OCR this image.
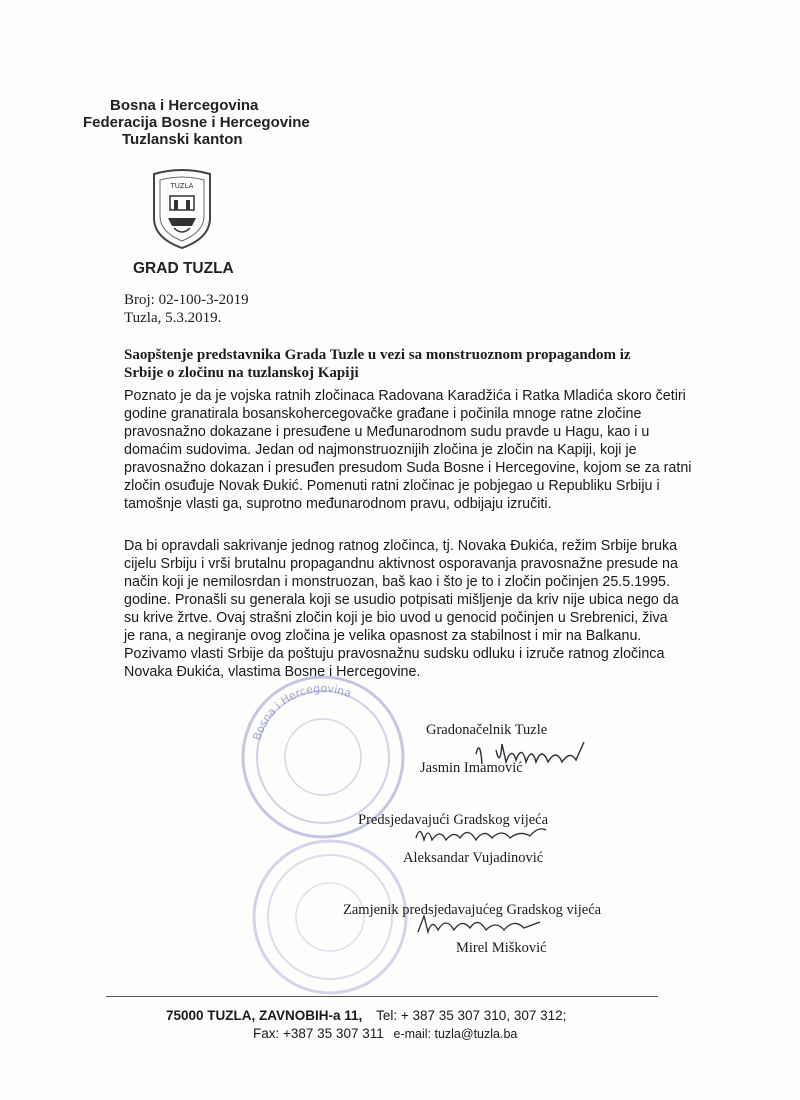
Bosna i Hercegovina
Federacija Bosne i Hercegovine
Tuzlanski kanton
TUZLA
GRAD TUZLA
Broj: 02-100-3-2019
Tuzla, 5.3.2019.
Saopštenje predstavnika Grada Tuzle u vezi sa monstruoznom propagandom iz
Srbije o zločinu na tuzlanskoj Kapiji
Poznato je da je vojska ratnih zločinaca Radovana Karadžića i Ratka Mladića skoro četiri
godine granatirala bosanskohercegovačke građane i počinila mnoge ratne zločine
pravosnažno dokazane i presuđene u Međunarodnom sudu pravde u Hagu, kao i u
domaćim sudovima. Jedan od najmonstruoznijih zločina je zločin na Kapiji, koji je
pravosnažno dokazan i presuđen presudom Suda Bosne i Hercegovine, kojom se za ratni
zločin osuđuje Novak Đukić. Pomenuti ratni zločinac je pobjegao u Republiku Srbiju i
tamošnje vlasti ga, suprotno međunarodnom pravu, odbijaju izručiti.
Da bi opravdali sakrivanje jednog ratnog zločinca, tj. Novaka Đukića, režim Srbije bruka
cijelu Srbiju i vrši brutalnu propagandnu aktivnost osporavanja pravosnažne presude na
način koji je nemilosrdan i monstruozan, baš kao i što je to i zločin počinjen 25.5.1995.
godine. Pronašli su generala koji se usudio potpisati mišljenje da kriv nije ubica nego da
su krive žrtve. Ovaj strašni zločin koji je bio uvod u genocid počinjen u Srebrenici, živa
je rana, a negiranje ovog zločina je velika opasnost za stabilnost i mir na Balkanu.
Pozivamo vlasti Srbije da poštuju pravosnažnu sudsku odluku i izruče ratnog zločinca
Novaka Đukića, vlastima Bosne i Hercegovine.
Bosna i Hercegovina
Gradonačelnik Tuzle
Jasmin Imamović
Predsjedavajući Gradskog vijeća
Aleksandar Vujadinović
Zamjenik predsjedavajućeg Gradskog vijeća
Mirel Mišković
75000 TUZLA, ZAVNOBIH-a 11, Tel: + 387 35 307 310, 307 312;
Fax: +387 35 307 311 e-mail: tuzla@tuzla.ba
